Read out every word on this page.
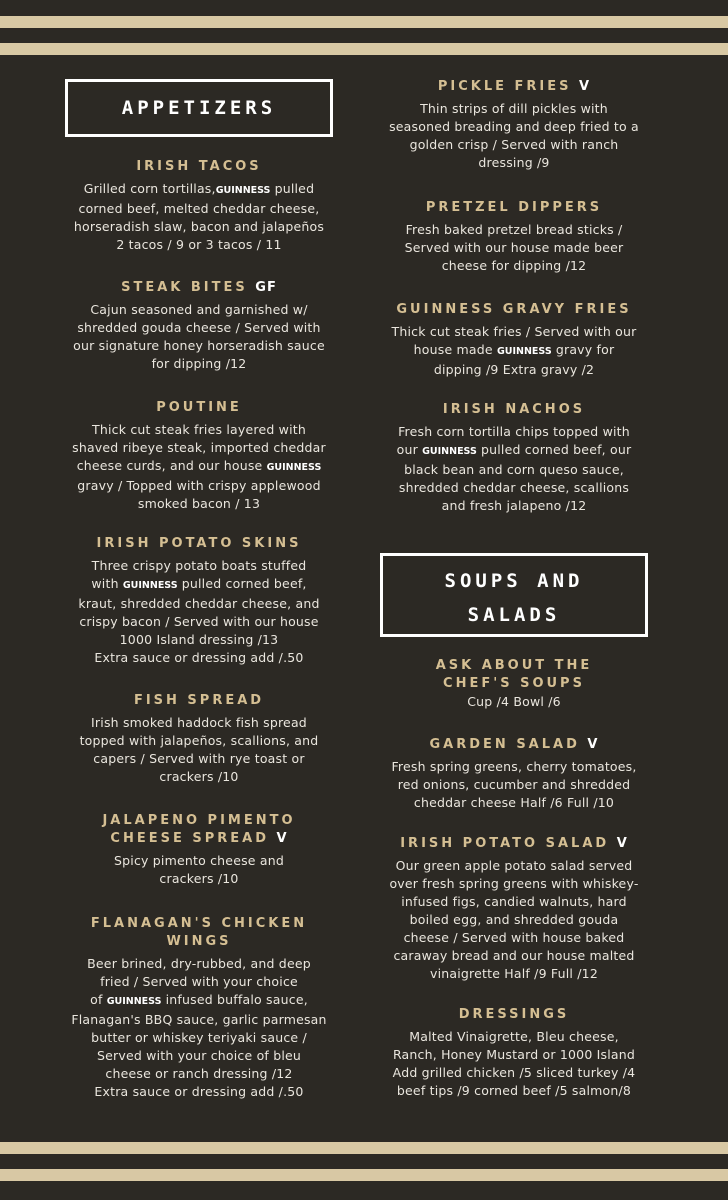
APPETIZERS
IRISH TACOS
Grilled corn tortillas,GUINNESS pulled
corned beef, melted cheddar cheese,
horseradish slaw, bacon and jalapeños
2 tacos / 9 or 3 tacos / 11
STEAK BITES GF
Cajun seasoned and garnished w/
shredded gouda cheese / Served with
our signature honey horseradish sauce
for dipping /12
POUTINE
Thick cut steak fries layered with
shaved ribeye steak, imported cheddar
cheese curds, and our house GUINNESS
gravy / Topped with crispy applewood
smoked bacon / 13
IRISH POTATO SKINS
Three crispy potato boats stuffed
with GUINNESS pulled corned beef,
kraut, shredded cheddar cheese, and
crispy bacon / Served with our house
1000 Island dressing /13
Extra sauce or dressing add /.50
FISH SPREAD
Irish smoked haddock fish spread
topped with jalapeños, scallions, and
capers / Served with rye toast or
crackers /10
JALAPENO PIMENTO
CHEESE SPREAD V
Spicy pimento cheese and
crackers /10
FLANAGAN'S CHICKEN
WINGS
Beer brined, dry-rubbed, and deep
fried / Served with your choice
of GUINNESS infused buffalo sauce,
Flanagan's BBQ sauce, garlic parmesan
butter or whiskey teriyaki sauce /
Served with your choice of bleu
cheese or ranch dressing /12
Extra sauce or dressing add /.50
PICKLE FRIES V
Thin strips of dill pickles with
seasoned breading and deep fried to a
golden crisp / Served with ranch
dressing /9
PRETZEL DIPPERS
Fresh baked pretzel bread sticks /
Served with our house made beer
cheese for dipping /12
GUINNESS GRAVY FRIES
Thick cut steak fries / Served with our
house made GUINNESS gravy for
dipping /9 Extra gravy /2
IRISH NACHOS
Fresh corn tortilla chips topped with
our GUINNESS pulled corned beef, our
black bean and corn queso sauce,
shredded cheddar cheese, scallions
and fresh jalapeno /12
SOUPS AND
SALADS
ASK ABOUT THE
CHEF'S SOUPS
Cup /4 Bowl /6
GARDEN SALAD V
Fresh spring greens, cherry tomatoes,
red onions, cucumber and shredded
cheddar cheese Half /6 Full /10
IRISH POTATO SALAD V
Our green apple potato salad served
over fresh spring greens with whiskey-
infused figs, candied walnuts, hard
boiled egg, and shredded gouda
cheese / Served with house baked
caraway bread and our house malted
vinaigrette Half /9 Full /12
DRESSINGS
Malted Vinaigrette, Bleu cheese,
Ranch, Honey Mustard or 1000 Island
Add grilled chicken /5 sliced turkey /4
beef tips /9 corned beef /5 salmon/8
